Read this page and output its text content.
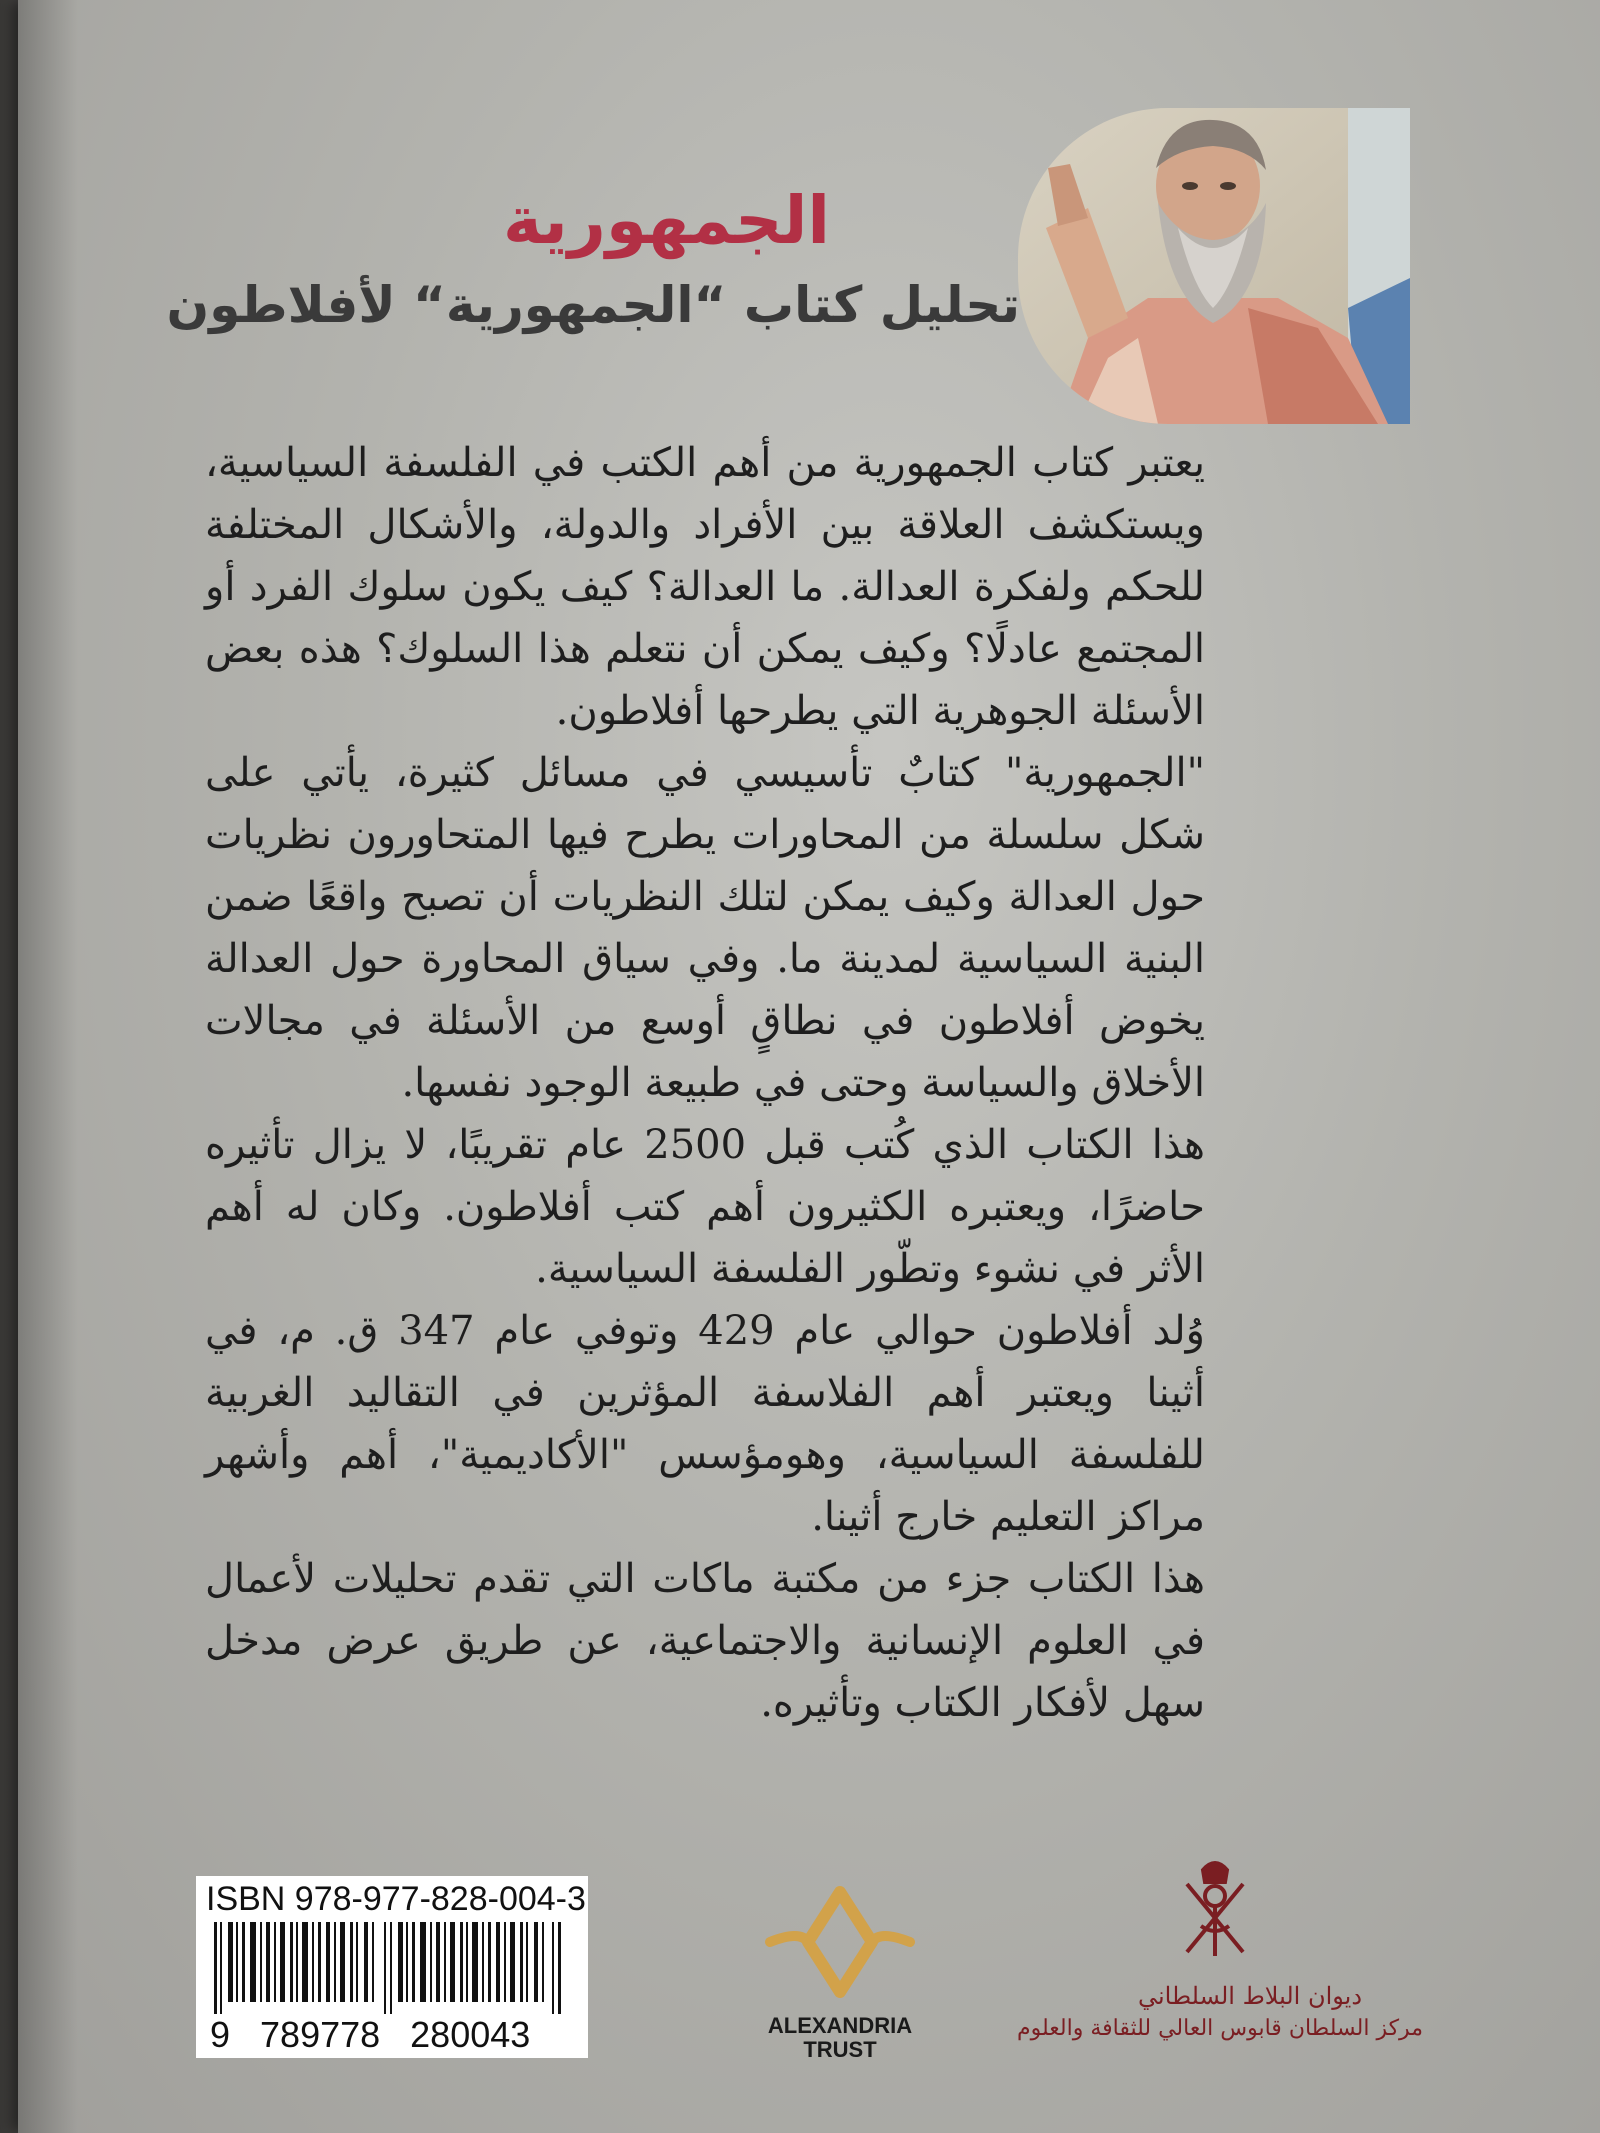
الجمهورية
تحليل كتاب “الجمهورية“ لأفلاطون

يعتبر كتاب الجمهورية من أهم الكتب في الفلسفة السياسية، ويستكشف العلاقة بين الأفراد والدولة، والأشكال المختلفة للحكم ولفكرة العدالة. ما العدالة؟ كيف يكون سلوك الفرد أو المجتمع عادلًا؟ وكيف يمكن أن نتعلم هذا السلوك؟ هذه بعض الأسئلة الجوهرية التي يطرحها أفلاطون.

"الجمهورية" كتابٌ تأسيسي في مسائل كثيرة، يأتي على شكل سلسلة من المحاورات يطرح فيها المتحاورون نظريات حول العدالة وكيف يمكن لتلك النظريات أن تصبح واقعًا ضمن البنية السياسية لمدينة ما. وفي سياق المحاورة حول العدالة يخوض أفلاطون في نطاقٍ أوسع من الأسئلة في مجالات الأخلاق والسياسة وحتى في طبيعة الوجود نفسها.

هذا الكتاب الذي كُتب قبل 2500 عام تقريبًا، لا يزال تأثيره حاضرًا، ويعتبره الكثيرون أهم كتب أفلاطون. وكان له أهم الأثر في نشوء وتطّور الفلسفة السياسية.

وُلد أفلاطون حوالي عام 429 وتوفي عام 347 ق. م، في أثينا ويعتبر أهم الفلاسفة المؤثرين في التقاليد الغربية للفلسفة السياسية، وهومؤسس "الأكاديمية"، أهم وأشهر مراكز التعليم خارج أثينا.

هذا الكتاب جزء من مكتبة ماكات التي تقدم تحليلات لأعمال في العلوم الإنسانية والاجتماعية، عن طريق عرض مدخل سهل لأفكار الكتاب وتأثيره.

ISBN 978-977-828-004-3

9 789778 280043	ALEXANDRIA
TRUST

ديوان البلاط السلطاني

مركز السلطان قابوس العالي للثقافة والعلوم
